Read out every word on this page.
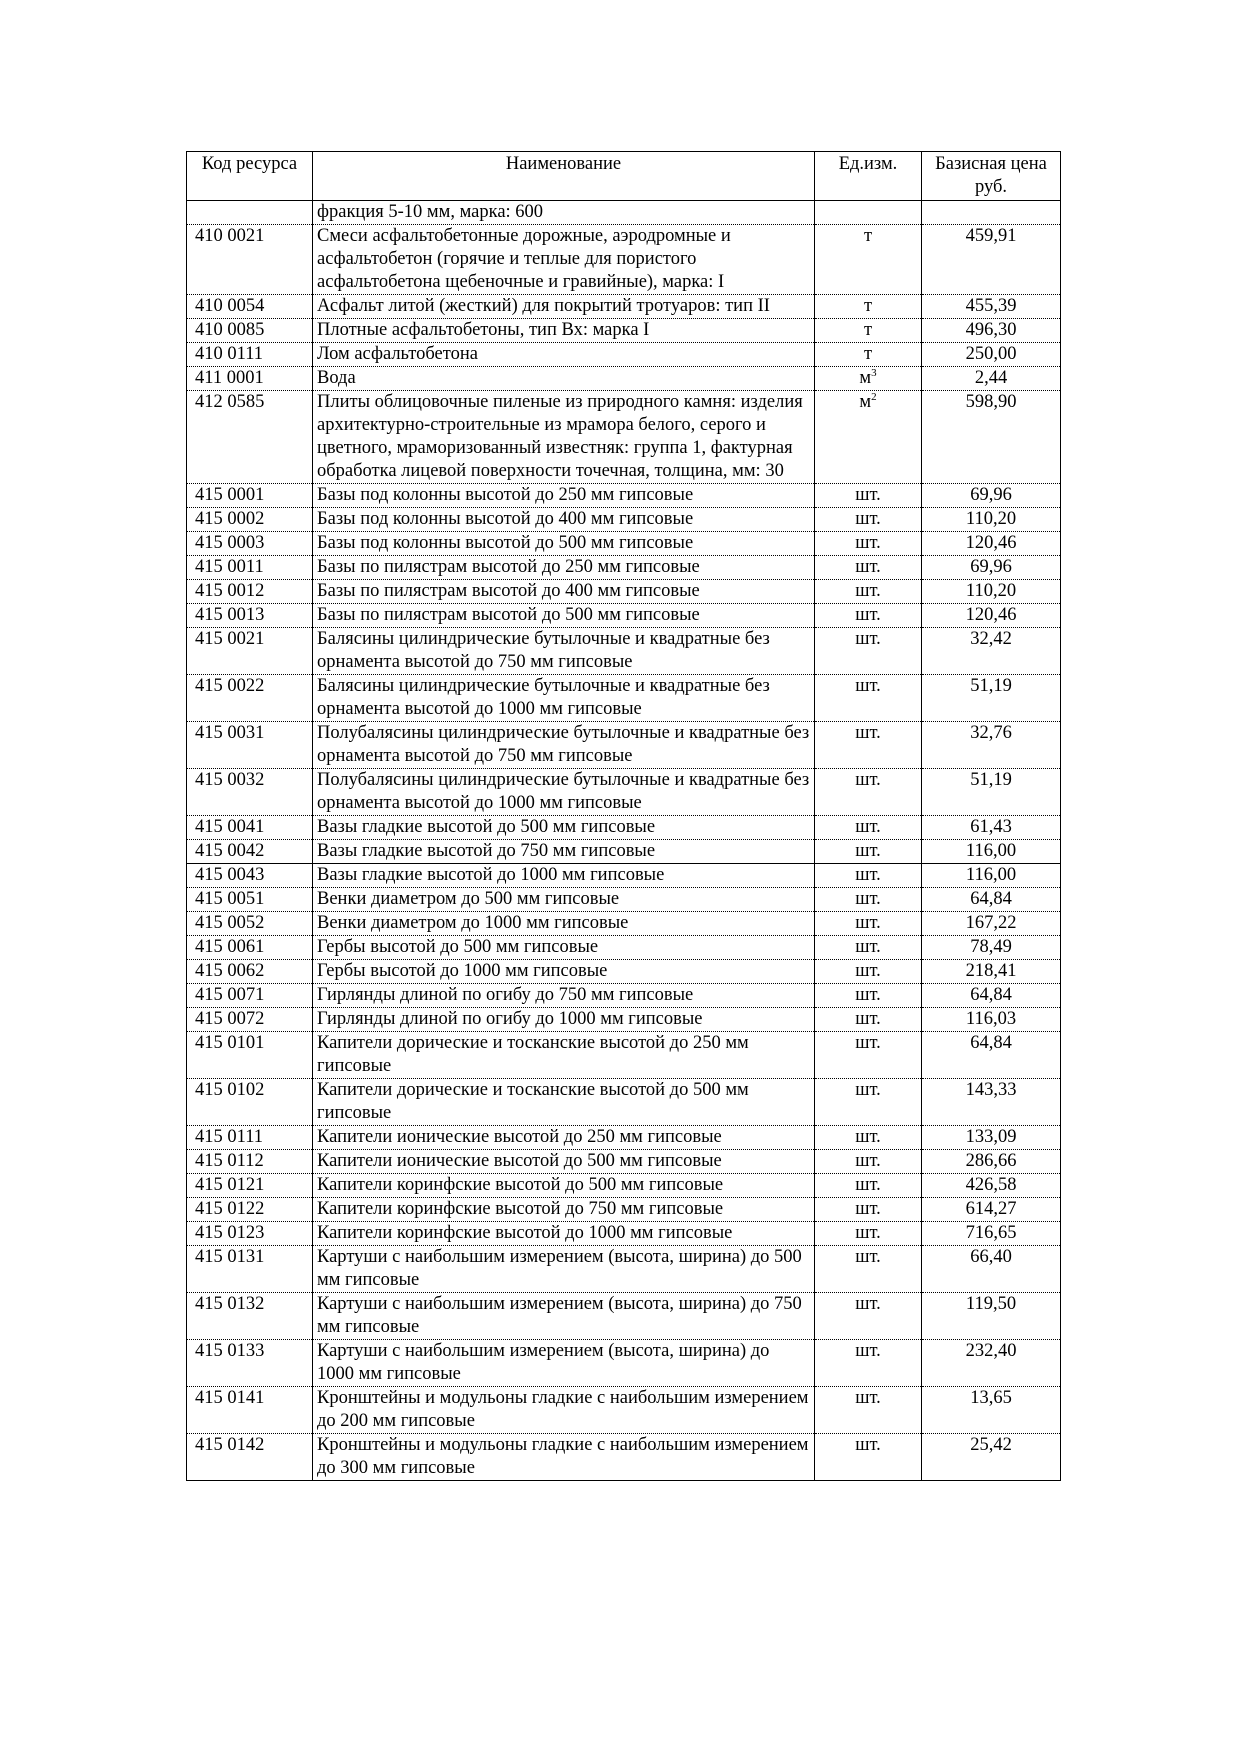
Код ресурса	Наименование	Ед.изм.	Базисная цена руб.
	фракция 5-10 мм, марка: 600		
410 0021	Смеси асфальтобетонные дорожные, аэродромные и асфальтобетон (горячие и теплые для пористого асфальтобетона щебеночные и гравийные), марка: I	т	459,91
410 0054	Асфальт литой (жесткий) для покрытий тротуаров: тип II	т	455,39
410 0085	Плотные асфальтобетоны, тип Вх: марка I	т	496,30
410 0111	Лом асфальтобетона	т	250,00
411 0001	Вода	$м^3$	2,44
412 0585	Плиты облицовочные пиленые из природного камня: изделия архитектурно-строительные из мрамора белого, серого и цветного, мраморизованный известняк: группа 1, фактурная обработка лицевой поверхности точечная, толщина, мм: 30	$м^2$	598,90
415 0001	Базы под колонны высотой до 250 мм гипсовые	шт.	69,96
415 0002	Базы под колонны высотой до 400 мм гипсовые	шт.	110,20
415 0003	Базы под колонны высотой до 500 мм гипсовые	шт.	120,46
415 0011	Базы по пилястрам высотой до 250 мм гипсовые	шт.	69,96
415 0012	Базы по пилястрам высотой до 400 мм гипсовые	шт.	110,20
415 0013	Базы по пилястрам высотой до 500 мм гипсовые	шт.	120,46
415 0021	Балясины цилиндрические бутылочные и квадратные без орнамента высотой до 750 мм гипсовые	шт.	32,42
415 0022	Балясины цилиндрические бутылочные и квадратные без орнамента высотой до 1000 мм гипсовые	шт.	51,19
415 0031	Полубалясины цилиндрические бутылочные и квадратные без орнамента высотой до 750 мм гипсовые	шт.	32,76
415 0032	Полубалясины цилиндрические бутылочные и квадратные без орнамента высотой до 1000 мм гипсовые	шт.	51,19
415 0041	Вазы гладкие высотой до 500 мм гипсовые	шт.	61,43
415 0042	Вазы гладкие высотой до 750 мм гипсовые	шт.	116,00
415 0043	Вазы гладкие высотой до 1000 мм гипсовые	шт.	116,00
415 0051	Венки диаметром до 500 мм гипсовые	шт.	64,84
415 0052	Венки диаметром до 1000 мм гипсовые	шт.	167,22
415 0061	Гербы высотой до 500 мм гипсовые	шт.	78,49
415 0062	Гербы высотой до 1000 мм гипсовые	шт.	218,41
415 0071	Гирлянды длиной по огибу до 750 мм гипсовые	шт.	64,84
415 0072	Гирлянды длиной по огибу до 1000 мм гипсовые	шт.	116,03
415 0101	Капители дорические и тосканские высотой до 250 мм гипсовые	шт.	64,84
415 0102	Капители дорические и тосканские высотой до 500 мм гипсовые	шт.	143,33
415 0111	Капители ионические высотой до 250 мм гипсовые	шт.	133,09
415 0112	Капители ионические высотой до 500 мм гипсовые	шт.	286,66
415 0121	Капители коринфские высотой до 500 мм гипсовые	шт.	426,58
415 0122	Капители коринфские высотой до 750 мм гипсовые	шт.	614,27
415 0123	Капители коринфские высотой до 1000 мм гипсовые	шт.	716,65
415 0131	Картуши с наибольшим измерением (высота, ширина) до 500 мм гипсовые	шт.	66,40
415 0132	Картуши с наибольшим измерением (высота, ширина) до 750 мм гипсовые	шт.	119,50
415 0133	Картуши с наибольшим измерением (высота, ширина) до 1000 мм гипсовые	шт.	232,40
415 0141	Кронштейны и модульоны гладкие с наибольшим измерением до 200 мм гипсовые	шт.	13,65
415 0142	Кронштейны и модульоны гладкие с наибольшим измерением до 300 мм гипсовые	шт.	25,42
